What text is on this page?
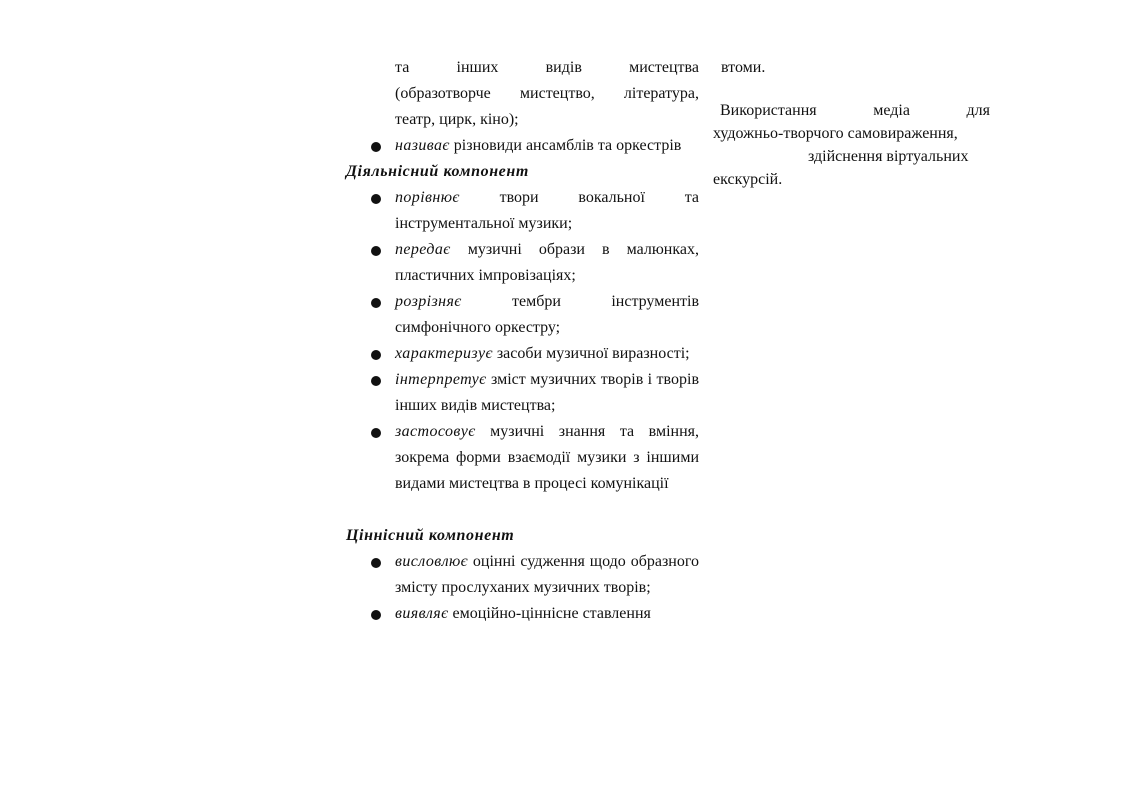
та інших видів мистецтва
(образотворче мистецтво, література,
театр, цирк, кіно);
називає різновиди ансамблів та оркестрів
Діяльнісний компонент
порівнює твори вокальної та інструментальної музики;
передає музичні образи в малюнках, пластичних імпровізаціях;
розрізняє тембри інструментів симфонічного оркестру;
характеризує засоби музичної виразності;
інтерпретує зміст музичних творів і творів інших видів мистецтва;
застосовує музичні знання та вміння, зокрема форми взаємодії музики з іншими видами мистецтва в процесі комунікації
Ціннісний компонент
висловлює оцінні судження щодо образного змісту прослуханих музичних творів;
виявляє емоційно-ціннісне ставлення

втоми.

Використання медіа для
художньо-творчого самовираження,
здійснення віртуальних
екскурсій.
